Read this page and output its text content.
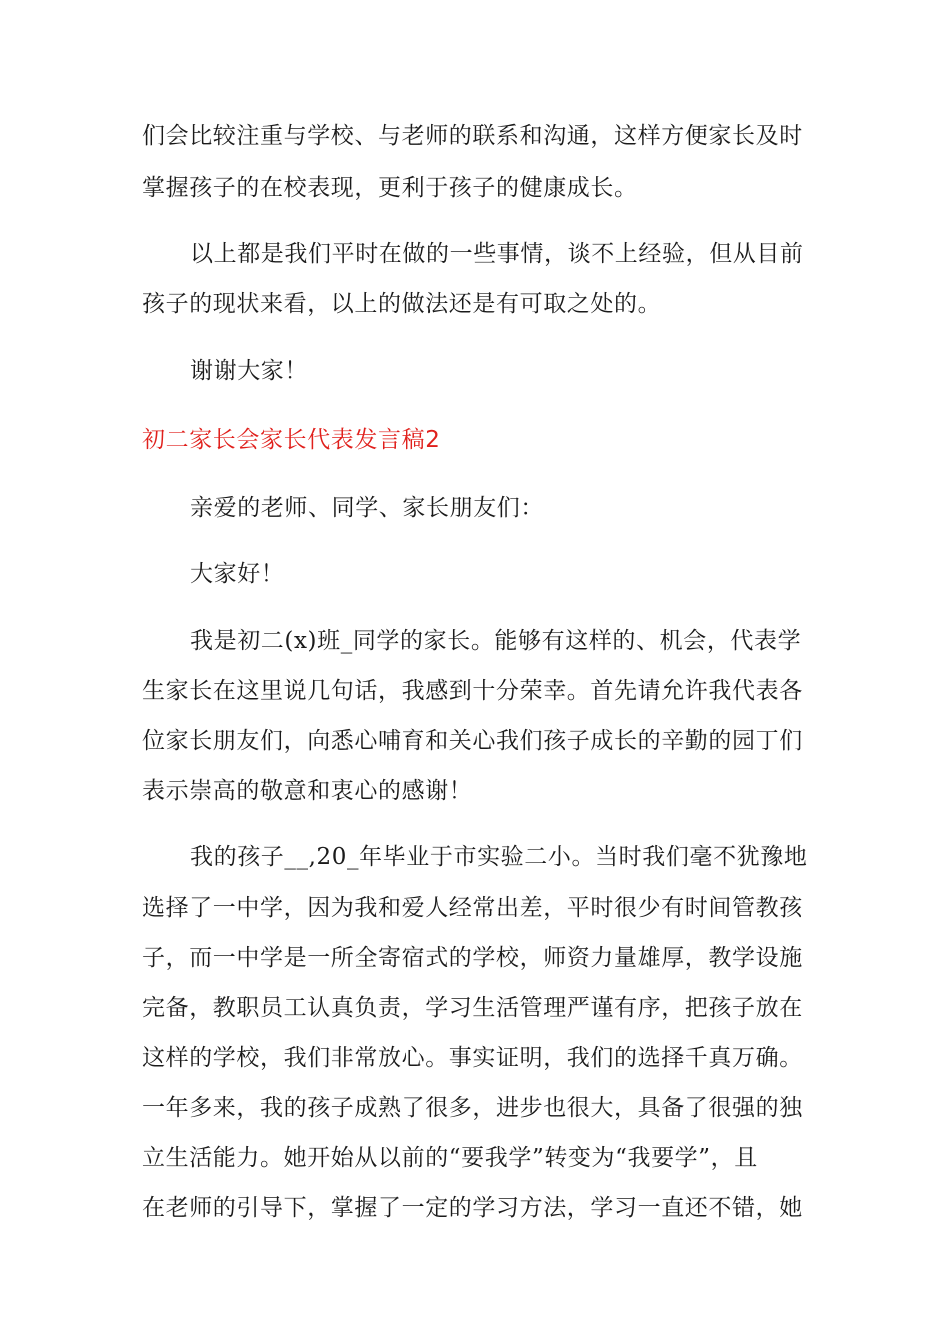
们会比较注重与学校、与老师的联系和沟通，这样方便家长及时
掌握孩子的在校表现，更利于孩子的健康成长。
以上都是我们平时在做的一些事情，谈不上经验，但从目前
孩子的现状来看，以上的做法还是有可取之处的。
谢谢大家！
初二家长会家长代表发言稿2
亲爱的老师、同学、家长朋友们：
大家好！
我是初二(x)班_同学的家长。能够有这样的、机会，代表学
生家长在这里说几句话，我感到十分荣幸。首先请允许我代表各
位家长朋友们，向悉心哺育和关心我们孩子成长的辛勤的园丁们
表示崇高的敬意和衷心的感谢！
我的孩子__,20_年毕业于市实验二小。当时我们毫不犹豫地
选择了一中学，因为我和爱人经常出差，平时很少有时间管教孩
子，而一中学是一所全寄宿式的学校，师资力量雄厚，教学设施
完备，教职员工认真负责，学习生活管理严谨有序，把孩子放在
这样的学校，我们非常放心。事实证明，我们的选择千真万确。
一年多来，我的孩子成熟了很多，进步也很大，具备了很强的独
立生活能力。她开始从以前的“要我学”转变为“我要学”，且
在老师的引导下，掌握了一定的学习方法，学习一直还不错，她
